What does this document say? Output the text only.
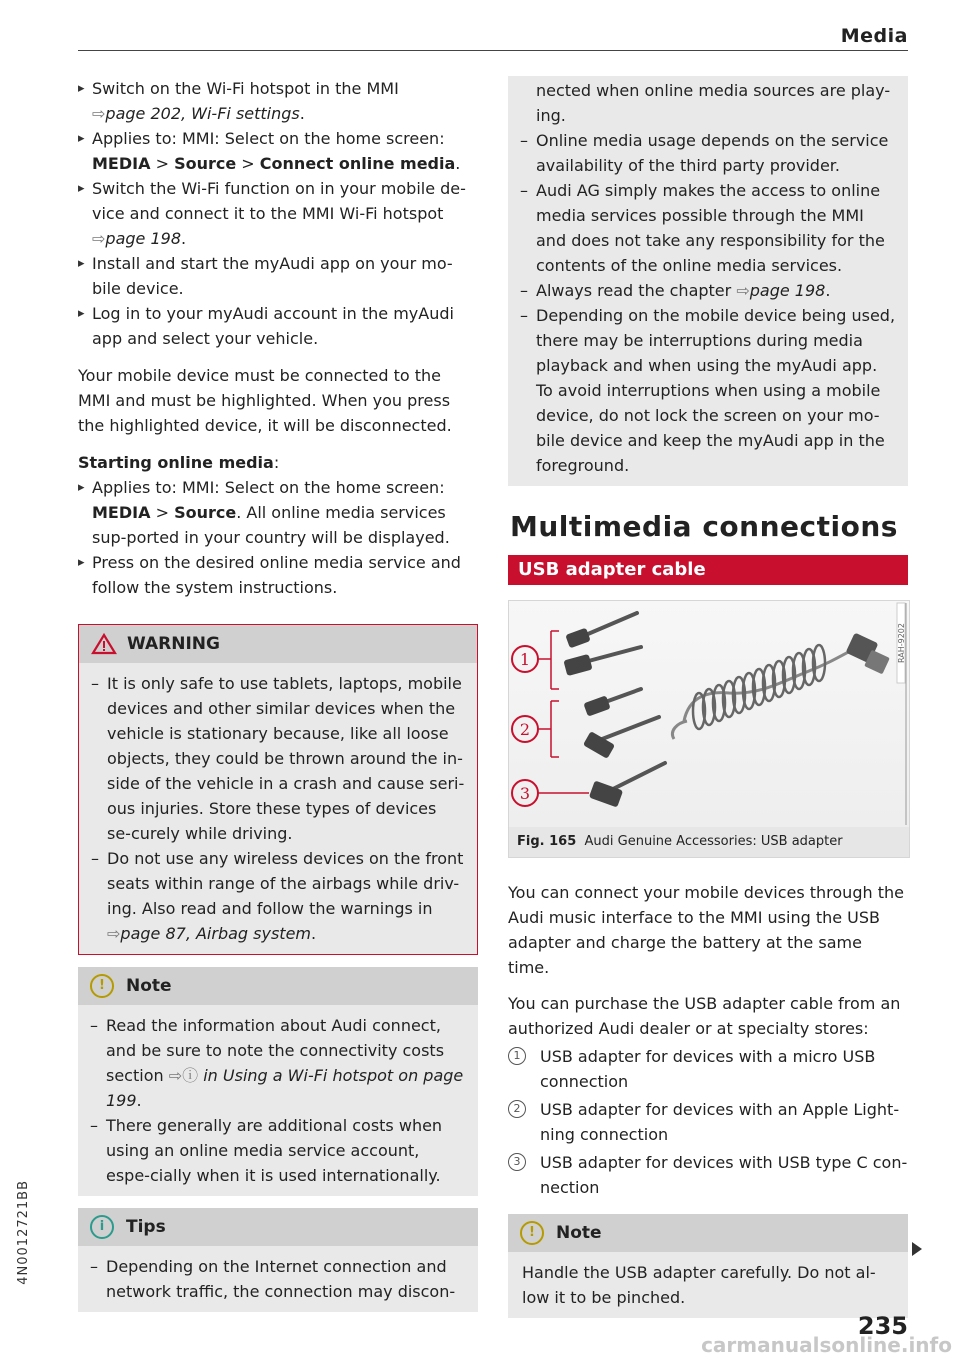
Media
▸ Switch on the Wi-Fi hotspot in the MMI
⇨page 202, Wi-Fi settings.
▸ Applies to: MMI: Select on the home screen:
MEDIA > Source > Connect online media.
▸ Switch the Wi-Fi function on in your mobile de-vice and connect it to the MMI Wi-Fi hotspot
⇨page 198.
▸ Install and start the myAudi app on your mo-bile device.
▸ Log in to your myAudi account in the myAudi app and select your vehicle.

Your mobile device must be connected to the MMI and must be highlighted. When you press the highlighted device, it will be disconnected.

Starting online media:

▸ Applies to: MMI: Select on the home screen:
MEDIA > Source. All online media services sup-ported in your country will be displayed.
▸ Press on the desired online media service and follow the system instructions.
WARNING
– It is only safe to use tablets, laptops, mobile devices and other similar devices when the vehicle is stationary because, like all loose objects, they could be thrown around the in-side of the vehicle in a crash and cause seri-ous injuries. Store these types of devices se-curely while driving.
– Do not use any wireless devices on the front seats within range of the airbags while driv-ing. Also read and follow the warnings in
⇨page 87, Airbag system.
!	Note
– Read the information about Audi connect, and be sure to note the connectivity costs section ⇨ⓘ in Using a Wi-Fi hotspot on page 199.
– There generally are additional costs when using an online media service account, espe-cially when it is used internationally.
i	Tips
– Depending on the Internet connection and network traffic, the connection may discon-
nected when online media sources are play-ing.
– Online media usage depends on the service availability of the third party provider.
– Audi AG simply makes the access to online media services possible through the MMI and does not take any responsibility for the contents of the online media services.
– Always read the chapter ⇨page 198.
– Depending on the mobile device being used, there may be interruptions during media playback and when using the myAudi app. To avoid interruptions when using a mobile device, do not lock the screen on your mo-bile device and keep the myAudi app in the foreground.
Multimedia connections
USB adapter cable
1
2
3
RAH-9202
Fig. 165 Audi Genuine Accessories: USB adapter

You can connect your mobile devices through the Audi music interface to the MMI using the USB adapter and charge the battery at the same time.

You can purchase the USB adapter cable from an authorized Audi dealer or at specialty stores:

1	USB adapter for devices with a micro USB connection
2	USB adapter for devices with an Apple Light-ning connection
3	USB adapter for devices with USB type C con-nection
!	Note

Handle the USB adapter carefully. Do not al-low it to be pinched.

4N0012721BB
235
carmanualsonline.info
